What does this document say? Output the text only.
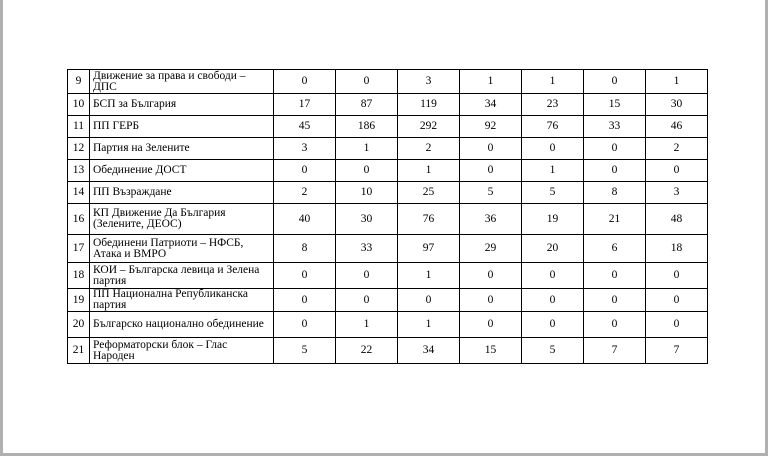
9	Движение за права и свободи – ДПС	0	0	3	1	1	0	1
10	БСП за България	17	87	119	34	23	15	30
11	ПП ГЕРБ	45	186	292	92	76	33	46
12	Партия на Зелените	3	1	2	0	0	0	2
13	Обединение ДОСТ	0	0	1	0	1	0	0
14	ПП Възраждане	2	10	25	5	5	8	3
16	КП Движение Да България (Зелените, ДЕОС)	40	30	76	36	19	21	48
17	Обединени Патриоти – НФСБ, Атака и ВМРО	8	33	97	29	20	6	18
18	КОИ – Българска левица и Зелена партия	0	0	1	0	0	0	0
19	ПП Национална Републиканска партия	0	0	0	0	0	0	0
20	Българско национално обединение	0	1	1	0	0	0	0
21	Реформаторски блок – Глас Народен	5	22	34	15	5	7	7
